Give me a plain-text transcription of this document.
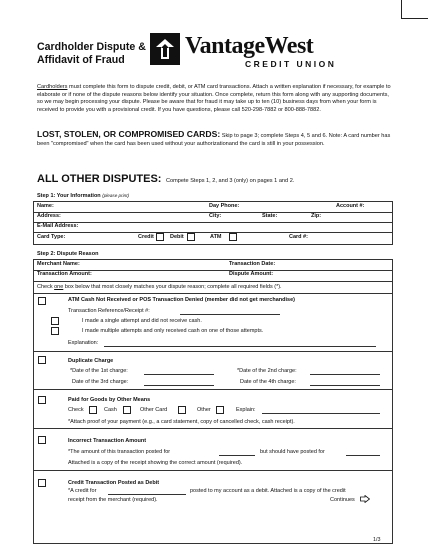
Cardholder Dispute &
Affidavit of Fraud
VantageWest
CREDIT UNION
Cardholders must complete this form to dispute credit, debit, or ATM card transactions. Attach a written explanation if necessary, for example to elaborate or if none of the dispute reasons below identify your situation. Once complete, return this form along with any supporting documents, so we may begin processing your dispute. Please be aware that for fraud it may take up to ten (10) business days from when your form is received to provide you with a provisional credit. If you have questions, please call 520-298-7882 or 800-888-7882.
LOST, STOLEN, OR COMPROMISED CARDS: Skip to page 3; complete Steps 4, 5 and 6. Note: A card number has been "compromised" when the card has been used without your authorizationand the card is still in your possession.
ALL OTHER DISPUTES: Compete Steps 1, 2, and 3 (only) on pages 1 and 2.
Step 1: Your Information (please print)
Name:	Day Phone:	Account #:
Address:	City:	State:	Zip:
E-Mail Address:
Card Type:	Credit	Debit	ATM	Card #:
Step 2: Dispute Reason
Merchant Name:	Transaction Date:
Transaction Amount:	Dispute Amount:
Check one box below that most closely matches your dispute reason; complete all required fields (*).
ATM Cash Not Received or POS Transaction Denied (member did not get merchandise)
Transaction Reference/Receipt #:
I made a single attempt and did not receive cash.
I made multiple attempts and only received cash on one of those attempts.
Explanation:
Duplicate Charge
*Date of the 1st charge:	*Date of the 2nd charge:
Date of the 3rd charge:	Date of the 4th charge:
Paid for Goods by Other Means
Check	Cash	Other Card	Other	Explain:
*Attach proof of your payment (e.g., a card statement, copy of cancelled check, cash receipt).
Incorrect Transaction Amount
*The amount of this transaction posted for	but should have posted for
Attached is a copy of the receipt showing the correct amount (required).
Credit Transaction Posted as Debit
*A credit for	posted to my account as a debit. Attached is a copy of the credit
receipt from the merchant (required).	Continues
1/3
